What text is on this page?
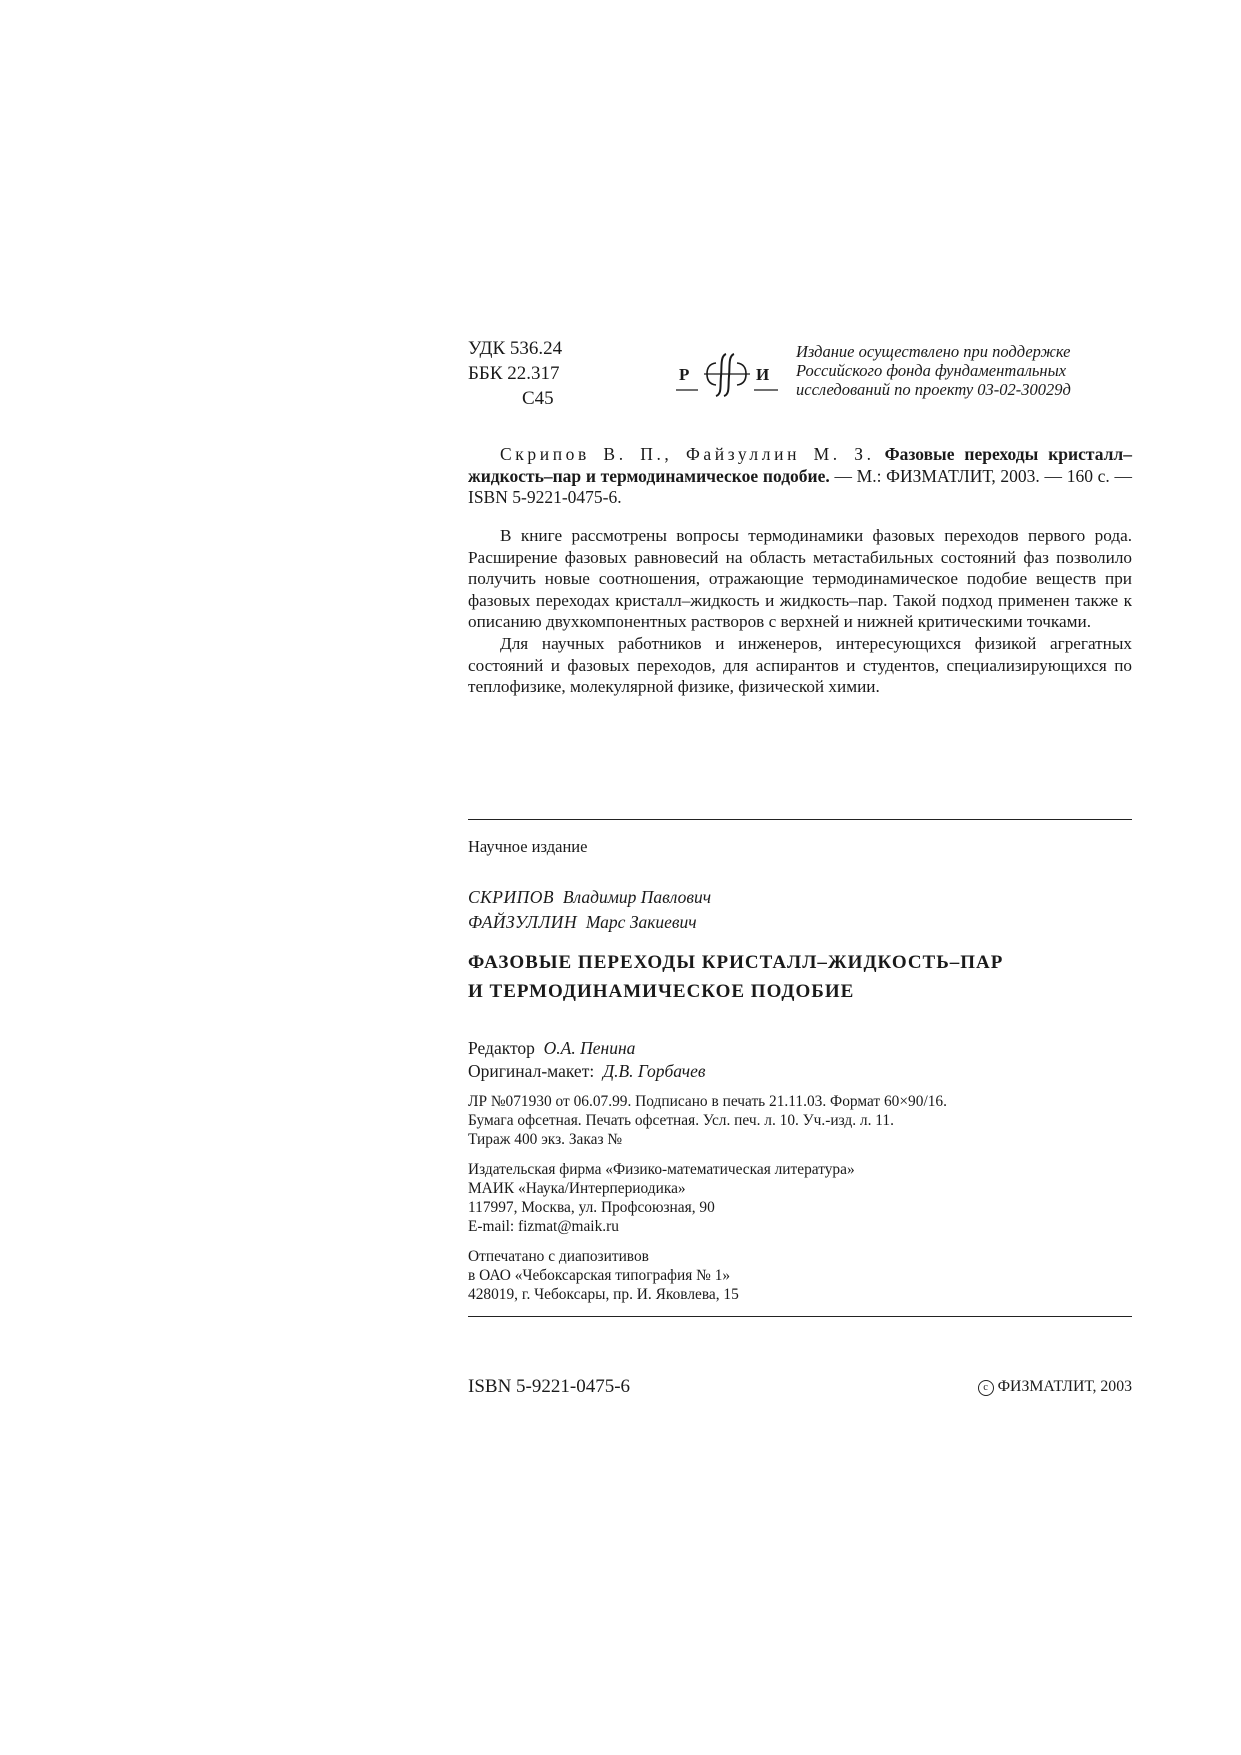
УДК 536.24
ББК 22.317
С45
Р	И
Издание осуществлено при поддержке
Российского фонда фундаментальных
исследований по проекту 03-02-30029д
Скрипов В. П., Файзуллин М. З. Фазовые переходы кристалл–жидкость–пар и термодинамическое подобие. — М.: ФИЗМАТЛИТ, 2003. — 160 с. — ISBN 5-9221-0475-6.

В книге рассмотрены вопросы термодинамики фазовых переходов первого рода. Расширение фазовых равновесий на область метастабильных состояний фаз позволило получить новые соотношения, отражающие термодинамическое подобие веществ при фазовых переходах кристалл–жидкость и жидкость–пар. Такой подход применен также к описанию двухкомпонентных растворов с верхней и нижней критическими точками.

Для научных работников и инженеров, интересующихся физикой агрегатных состояний и фазовых переходов, для аспирантов и студентов, специализирующихся по теплофизике, молекулярной физике, физической химии.

Научное издание
СКРИПОВ Владимир Павлович
ФАЙЗУЛЛИН Марс Закиевич
ФАЗОВЫЕ ПЕРЕХОДЫ КРИСТАЛЛ–ЖИДКОСТЬ–ПАР
И ТЕРМОДИНАМИЧЕСКОЕ ПОДОБИЕ
Редактор О.А. Пенина
Оригинал-макет: Д.В. Горбачев
ЛР №071930 от 06.07.99. Подписано в печать 21.11.03. Формат 60×90/16.
Бумага офсетная. Печать офсетная. Усл. печ. л. 10. Уч.-изд. л. 11.
Тираж 400 экз. Заказ №
Издательская фирма «Физико-математическая литература»
МАИК «Наука/Интерпериодика»
117997, Москва, ул. Профсоюзная, 90
E-mail: fizmat@maik.ru
Отпечатано с диапозитивов
в ОАО «Чебоксарская типография № 1»
428019, г. Чебоксары, пр. И. Яковлева, 15
ISBN 5-9221-0475-6	c ФИЗМАТЛИТ, 2003
